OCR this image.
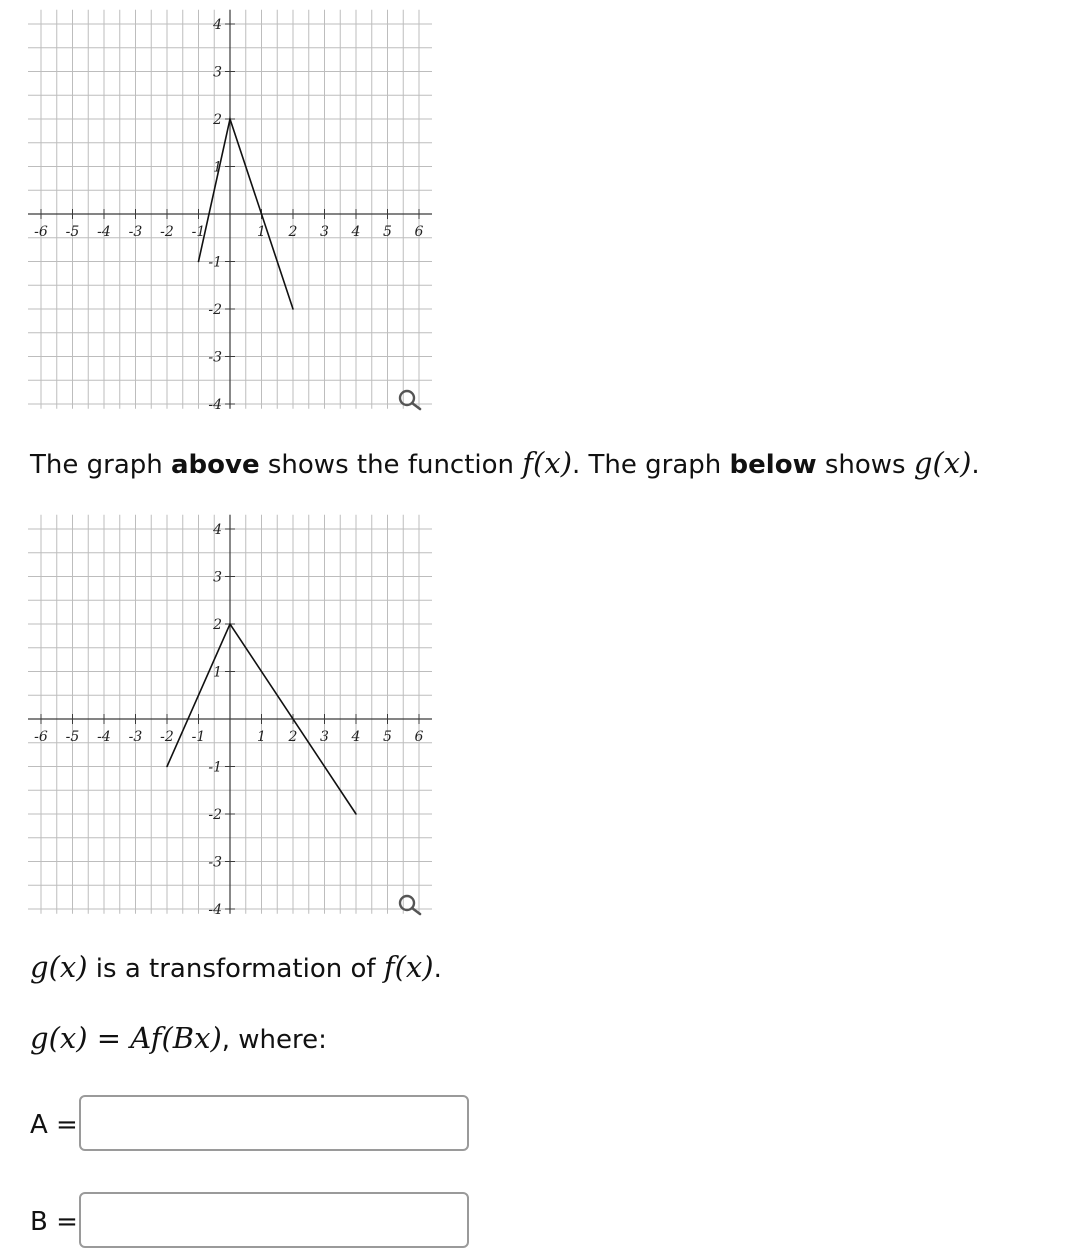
-6 -5 -4 -3 -2 -1	1 2 3 4 5 6
4
3
2
1
-1
-2
-3
-4
The graph above shows the function f(x). The graph below shows g(x).
-6 -5 -4 -3 -2 -1	1 2 3 4 5 6
4
3
2
1
-1
-2
-3
-4
g(x) is a transformation of f(x).
g(x) = Af(Bx), where:
A =
B =
